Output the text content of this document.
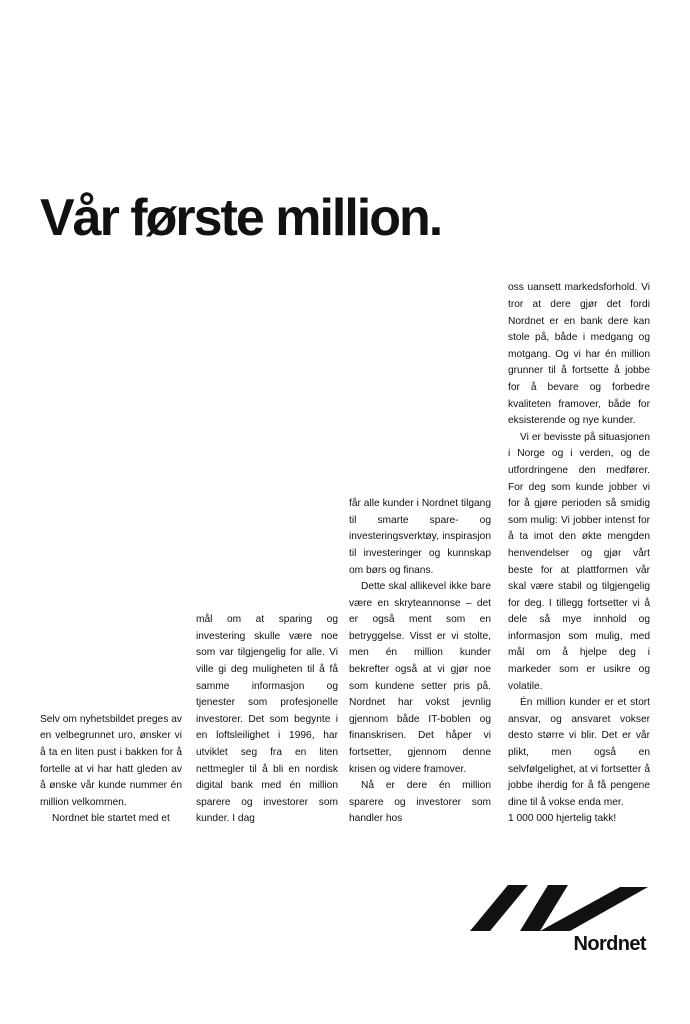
Vår første million.

Selv om nyhetsbildet preges av en velbegrunnet uro, ønsker vi å ta en liten pust i bakken for å fortelle at vi har hatt gleden av å ønske vår kunde nummer én million velkommen.

Nordnet ble startet med et

mål om at sparing og investering skulle være noe som var tilgjengelig for alle. Vi ville gi deg muligheten til å få samme informasjon og tjenester som profesjonelle investorer. Det som begynte i en loftsleilighet i 1996, har utviklet seg fra en liten nettmegler til å bli en nordisk digital bank med én million sparere og investorer som kunder. I dag

får alle kunder i Nordnet tilgang til smarte spare- og investeringsverktøy, inspirasjon til investeringer og kunnskap om børs og finans.

Dette skal allikevel ikke bare være en skryteannonse – det er også ment som en betryggelse. Visst er vi stolte, men én million kunder bekrefter også at vi gjør noe som kundene setter pris på. Nordnet har vokst jevnlig gjennom både IT-boblen og finanskrisen. Det håper vi fortsetter, gjennom denne krisen og videre framover.

Nå er dere én million sparere og investorer som handler hos

oss uansett markedsforhold. Vi tror at dere gjør det fordi Nordnet er en bank dere kan stole på, både i medgang og motgang. Og vi har én million grunner til å fortsette å jobbe for å bevare og forbedre kvaliteten framover, både for eksisterende og nye kunder.

Vi er bevisste på situasjonen i Norge og i verden, og de utfordringene den medfører. For deg som kunde jobber vi for å gjøre perioden så smidig som mulig: Vi jobber intenst for å ta imot den økte mengden henvendelser og gjør vårt beste for at plattformen vår skal være stabil og tilgjengelig for deg. I tillegg fortsetter vi å dele så mye innhold og informasjon som mulig, med mål om å hjelpe deg i markeder som er usikre og volatile.

Én million kunder er et stort ansvar, og ansvaret vokser desto større vi blir. Det er vår plikt, men også en selvfølgelighet, at vi fortsetter å jobbe iherdig for å få pengene dine til å vokse enda mer.

1 000 000 hjertelig takk!

Nordnet
